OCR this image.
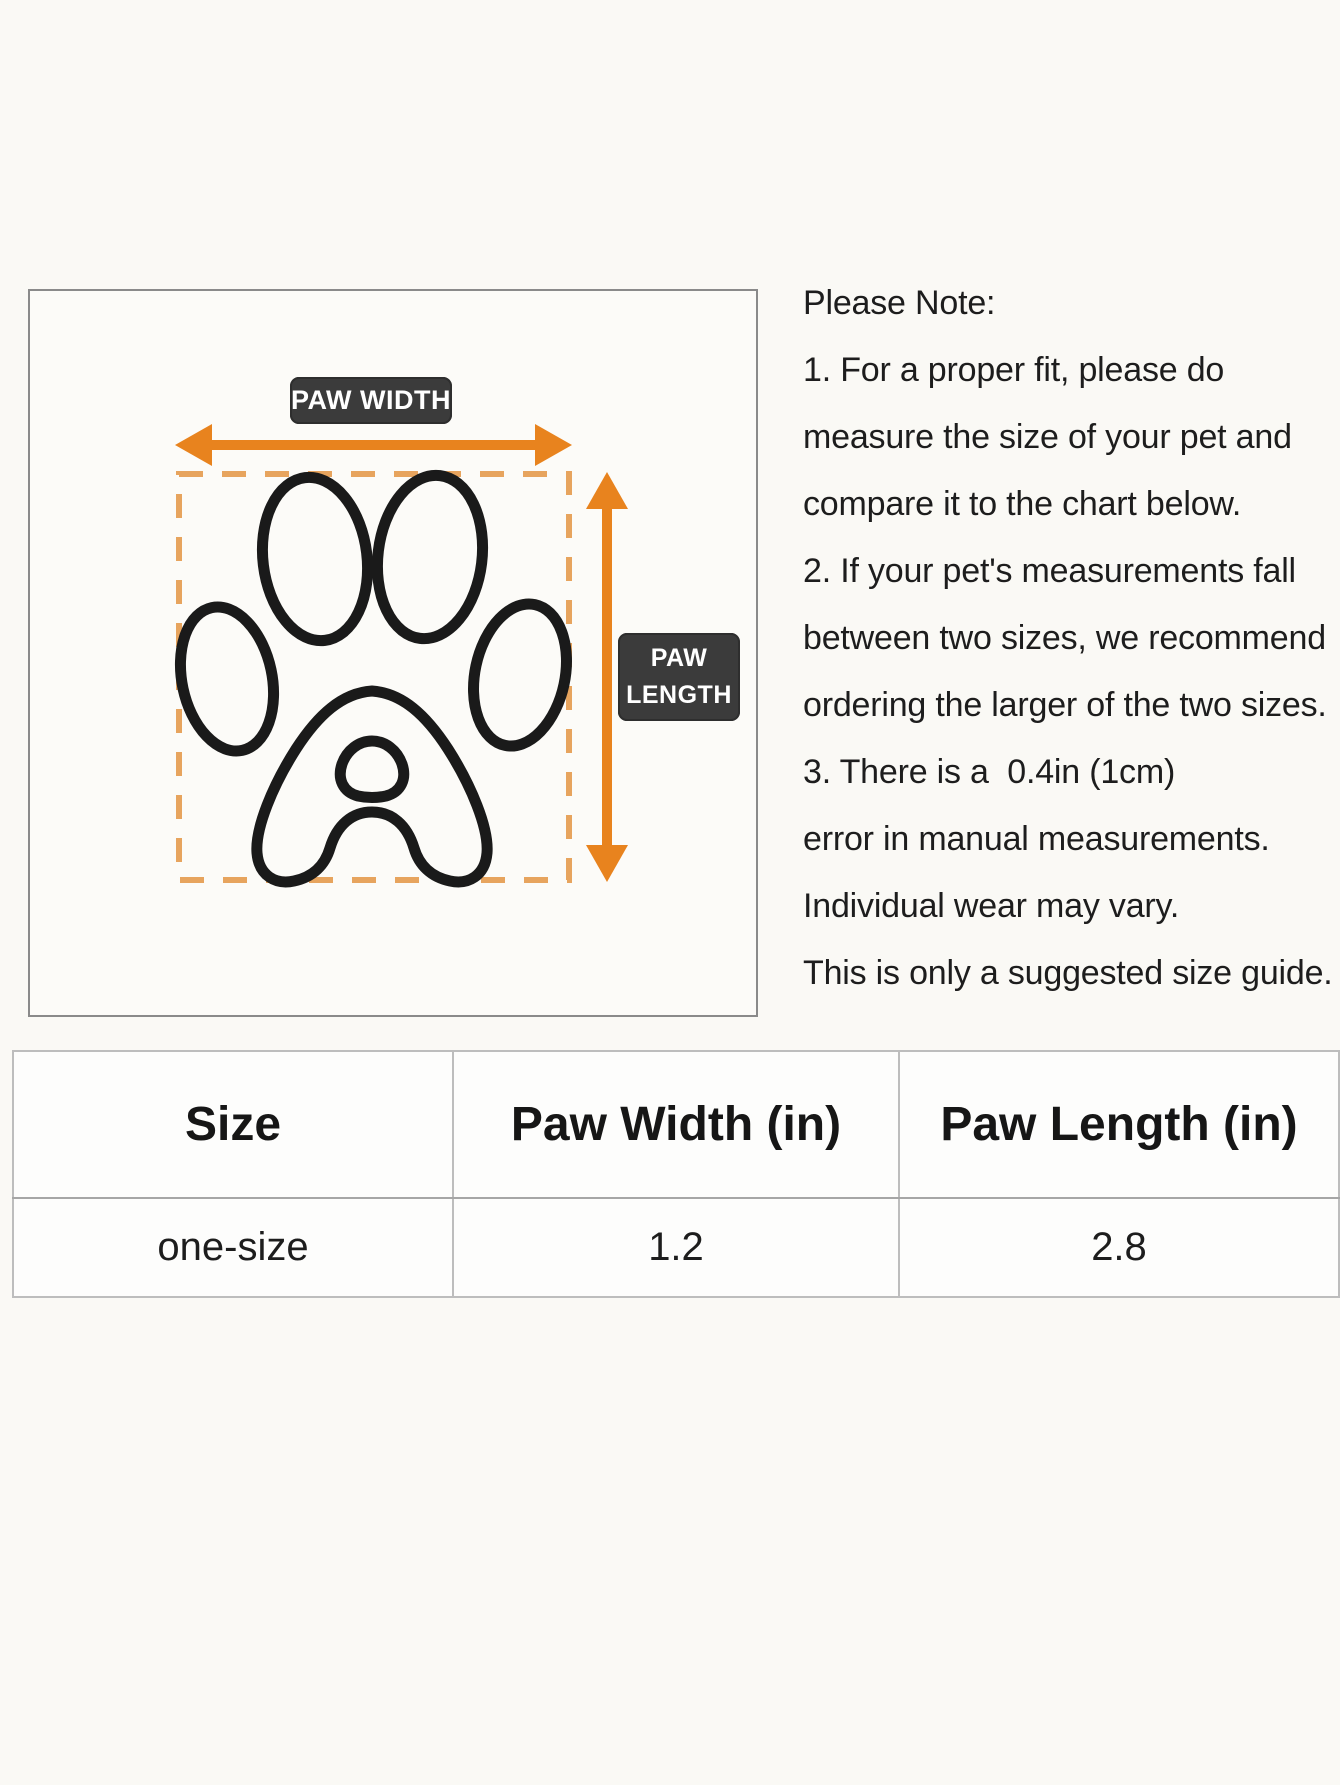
PAW WIDTH
PAW
LENGTH
Please Note:
1. For a proper fit, please do
measure the size of your pet and
compare it to the chart below.
2. If your pet's measurements fall
between two sizes, we recommend
ordering the larger of the two sizes.
3. There is a  0.4in (1cm)
error in manual measurements.
Individual wear may vary.
This is only a suggested size guide.
Size	Paw Width (in)	Paw Length (in)
one-size	1.2	2.8
